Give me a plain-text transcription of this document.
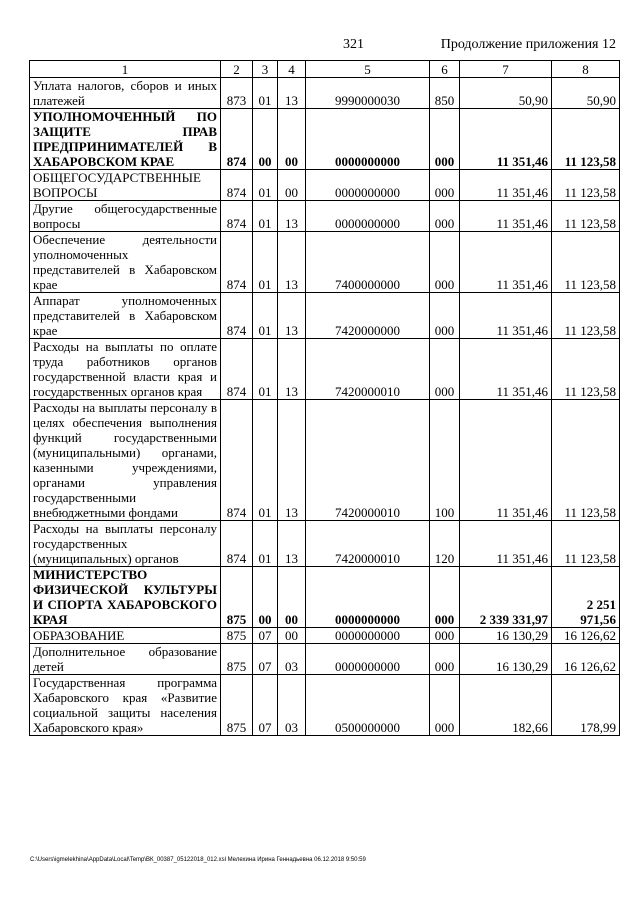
321	Продолжение приложения 12
1	2	3	4	5	6	7	8
Уплата налогов, сборов и иных платежей	873	01	13	9990000030	850	50,90	50,90
УПОЛНОМОЧЕННЫЙ ПО ЗАЩИТЕ ПРАВ ПРЕДПРИНИМАТЕЛЕЙ В ХАБАРОВСКОМ КРАЕ	874	00	00	0000000000	000	11 351,46	11 123,58
ОБЩЕГОСУДАРСТВЕННЫЕ ВОПРОСЫ	874	01	00	0000000000	000	11 351,46	11 123,58
Другие общегосударственные вопросы	874	01	13	0000000000	000	11 351,46	11 123,58
Обеспечение деятельности уполномоченных представителей в Хабаровском крае	874	01	13	7400000000	000	11 351,46	11 123,58
Аппарат уполномоченных представителей в Хабаровском крае	874	01	13	7420000000	000	11 351,46	11 123,58
Расходы на выплаты по оплате труда работников органов государственной власти края и государственных органов края	874	01	13	7420000010	000	11 351,46	11 123,58
Расходы на выплаты персоналу в целях обеспечения выполнения функций государственными (муниципальными) органами, казенными учреждениями, органами управления государственными внебюджетными фондами	874	01	13	7420000010	100	11 351,46	11 123,58
Расходы на выплаты персоналу государственных (муниципальных) органов	874	01	13	7420000010	120	11 351,46	11 123,58
МИНИСТЕРСТВО ФИЗИЧЕСКОЙ КУЛЬТУРЫ И СПОРТА ХАБАРОВСКОГО КРАЯ	875	00	00	0000000000	000	2 339 331,97	2 251 971,56
ОБРАЗОВАНИЕ	875	07	00	0000000000	000	16 130,29	16 126,62
Дополнительное образование детей	875	07	03	0000000000	000	16 130,29	16 126,62
Государственная программа Хабаровского края «Развитие социальной защиты населения Хабаровского края»	875	07	03	0500000000	000	182,66	178,99
C:\Users\igmelekhina\AppData\Local\Temp\ВК_00387_05122018_012.xsl Мелехина Ирина Геннадьевна 06.12.2018 9:50:59
